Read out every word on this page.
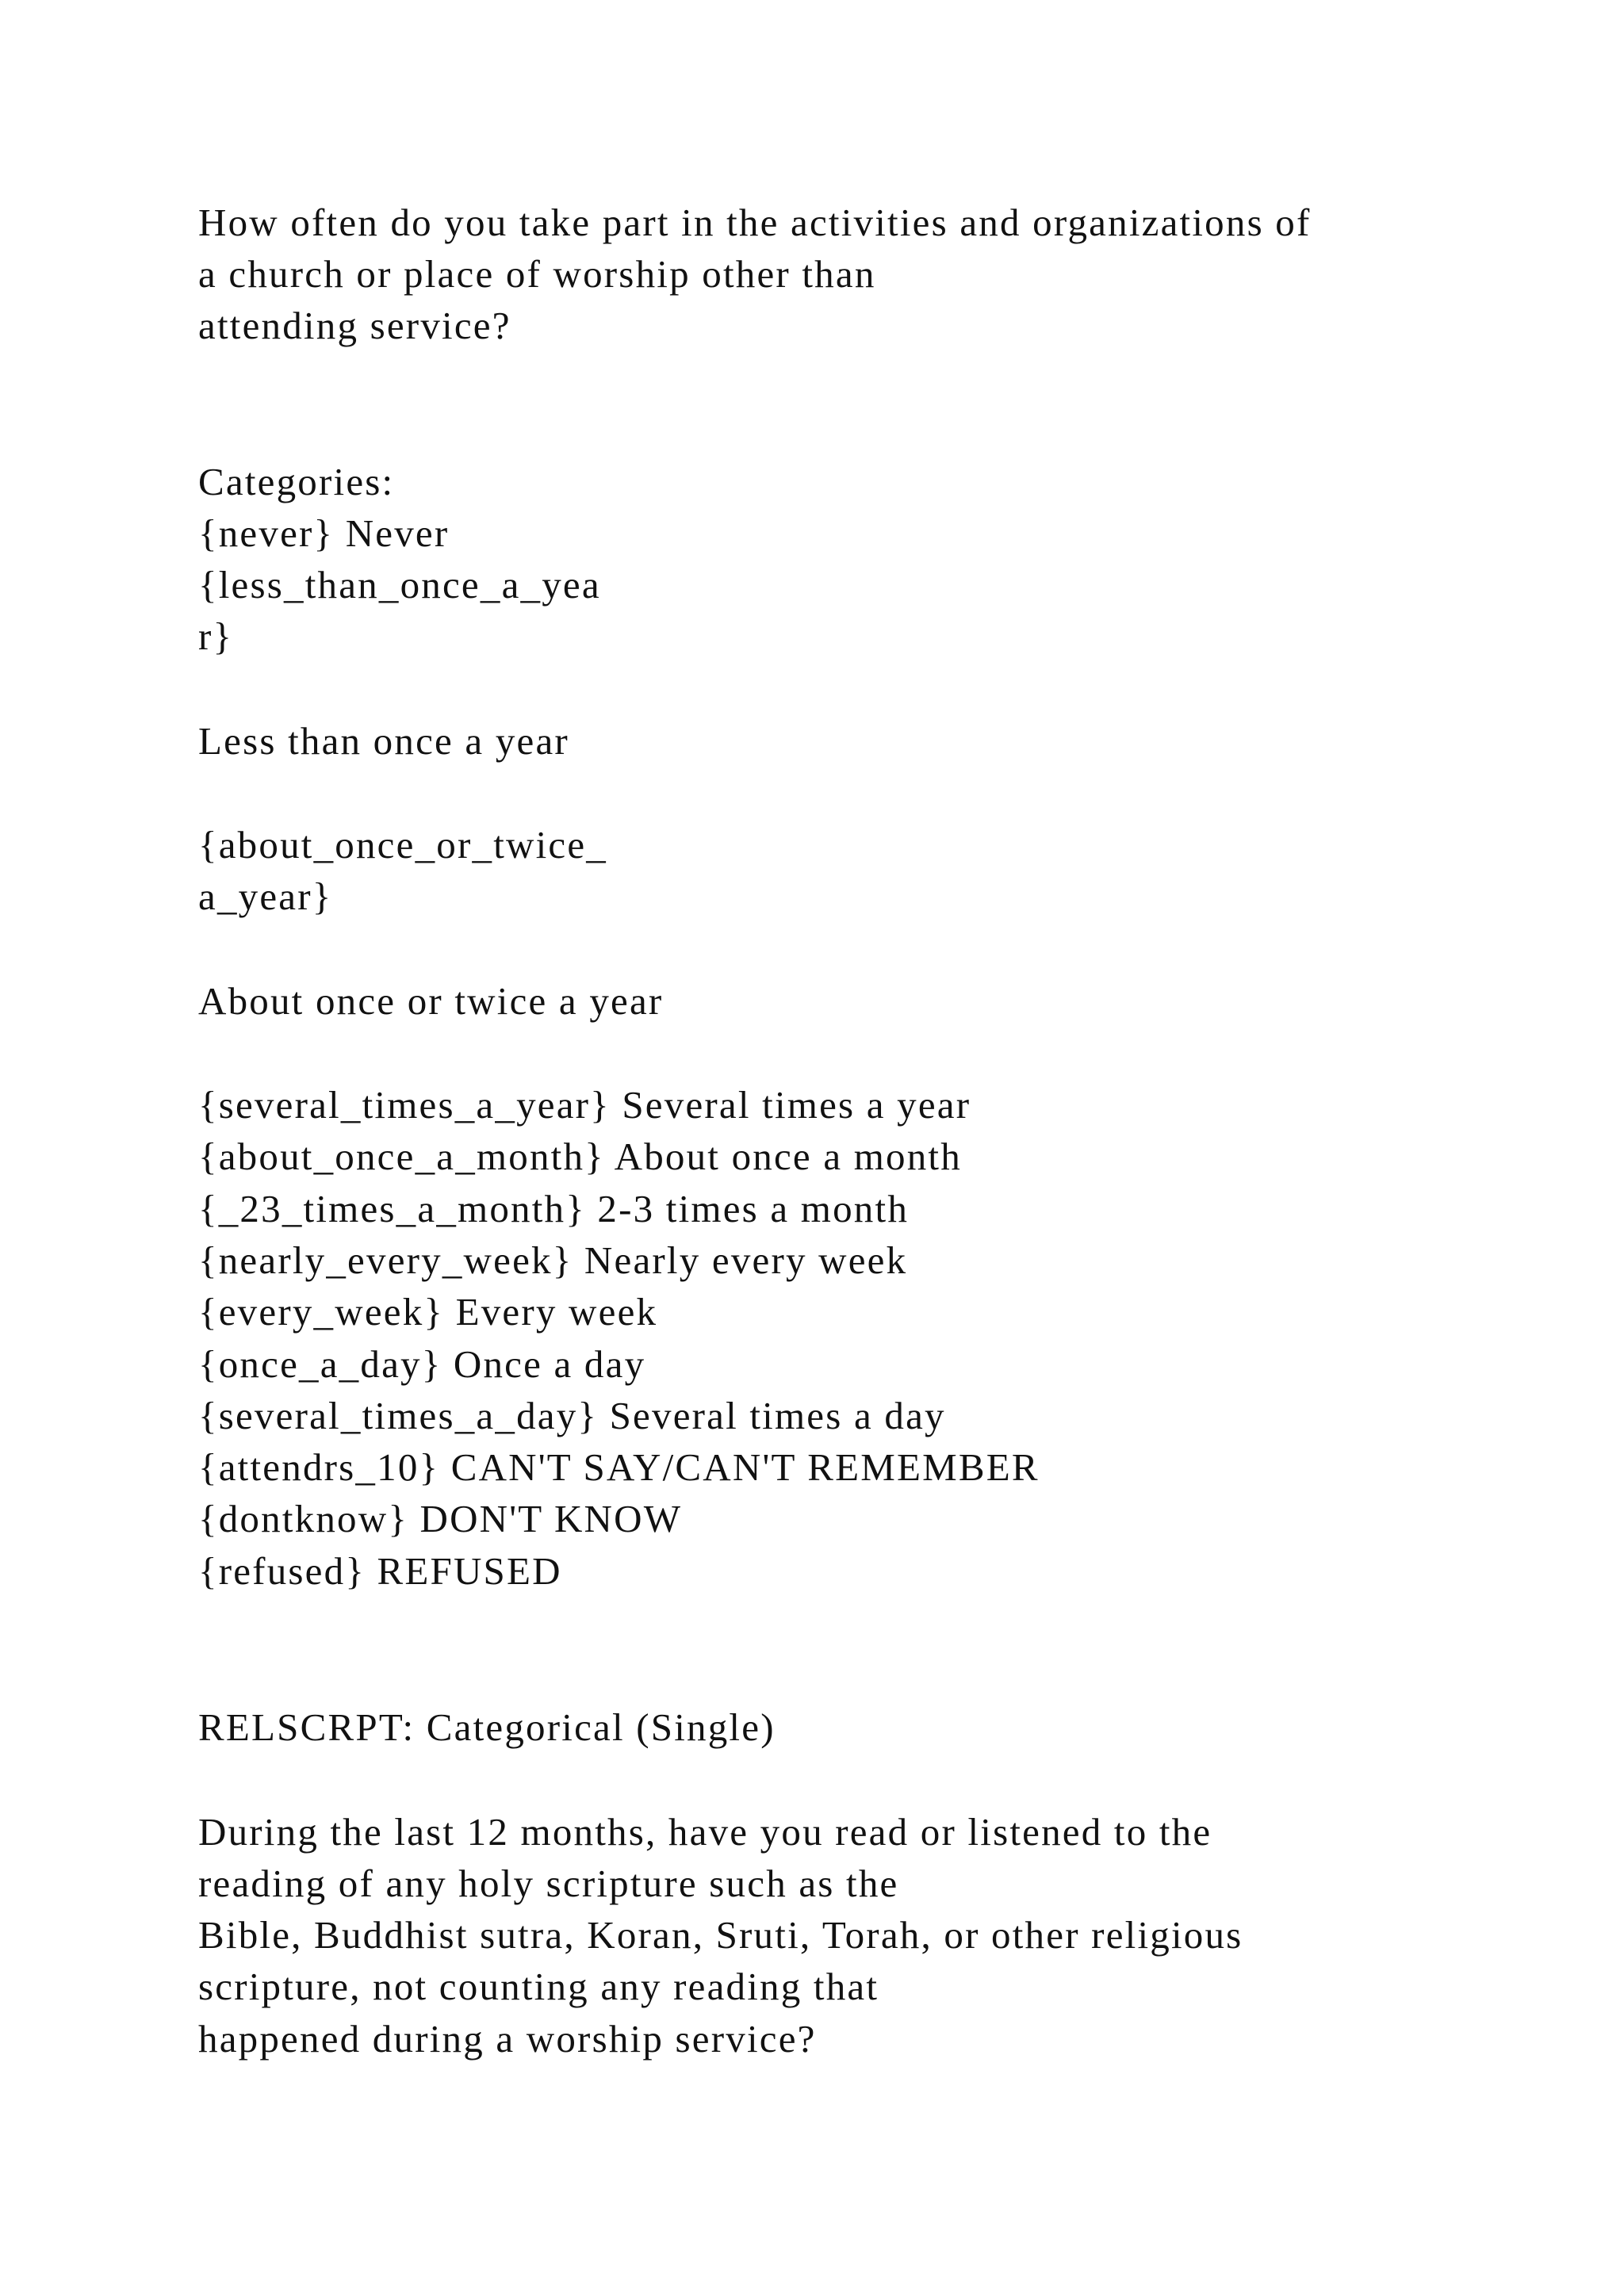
How often do you take part in the activities and organizations of
a church or place of worship other than
attending service?
Categories:
{never} Never
{less_than_once_a_yea
r}
Less than once a year
{about_once_or_twice_
a_year}
About once or twice a year
{several_times_a_year} Several times a year
{about_once_a_month} About once a month
{_23_times_a_month} 2-3 times a month
{nearly_every_week} Nearly every week
{every_week} Every week
{once_a_day} Once a day
{several_times_a_day} Several times a day
{attendrs_10} CAN'T SAY/CAN'T REMEMBER
{dontknow} DON'T KNOW
{refused} REFUSED
RELSCRPT: Categorical (Single)
During the last 12 months, have you read or listened to the
reading of any holy scripture such as the
Bible, Buddhist sutra, Koran, Sruti, Torah, or other religious
scripture, not counting any reading that
happened during a worship service?
